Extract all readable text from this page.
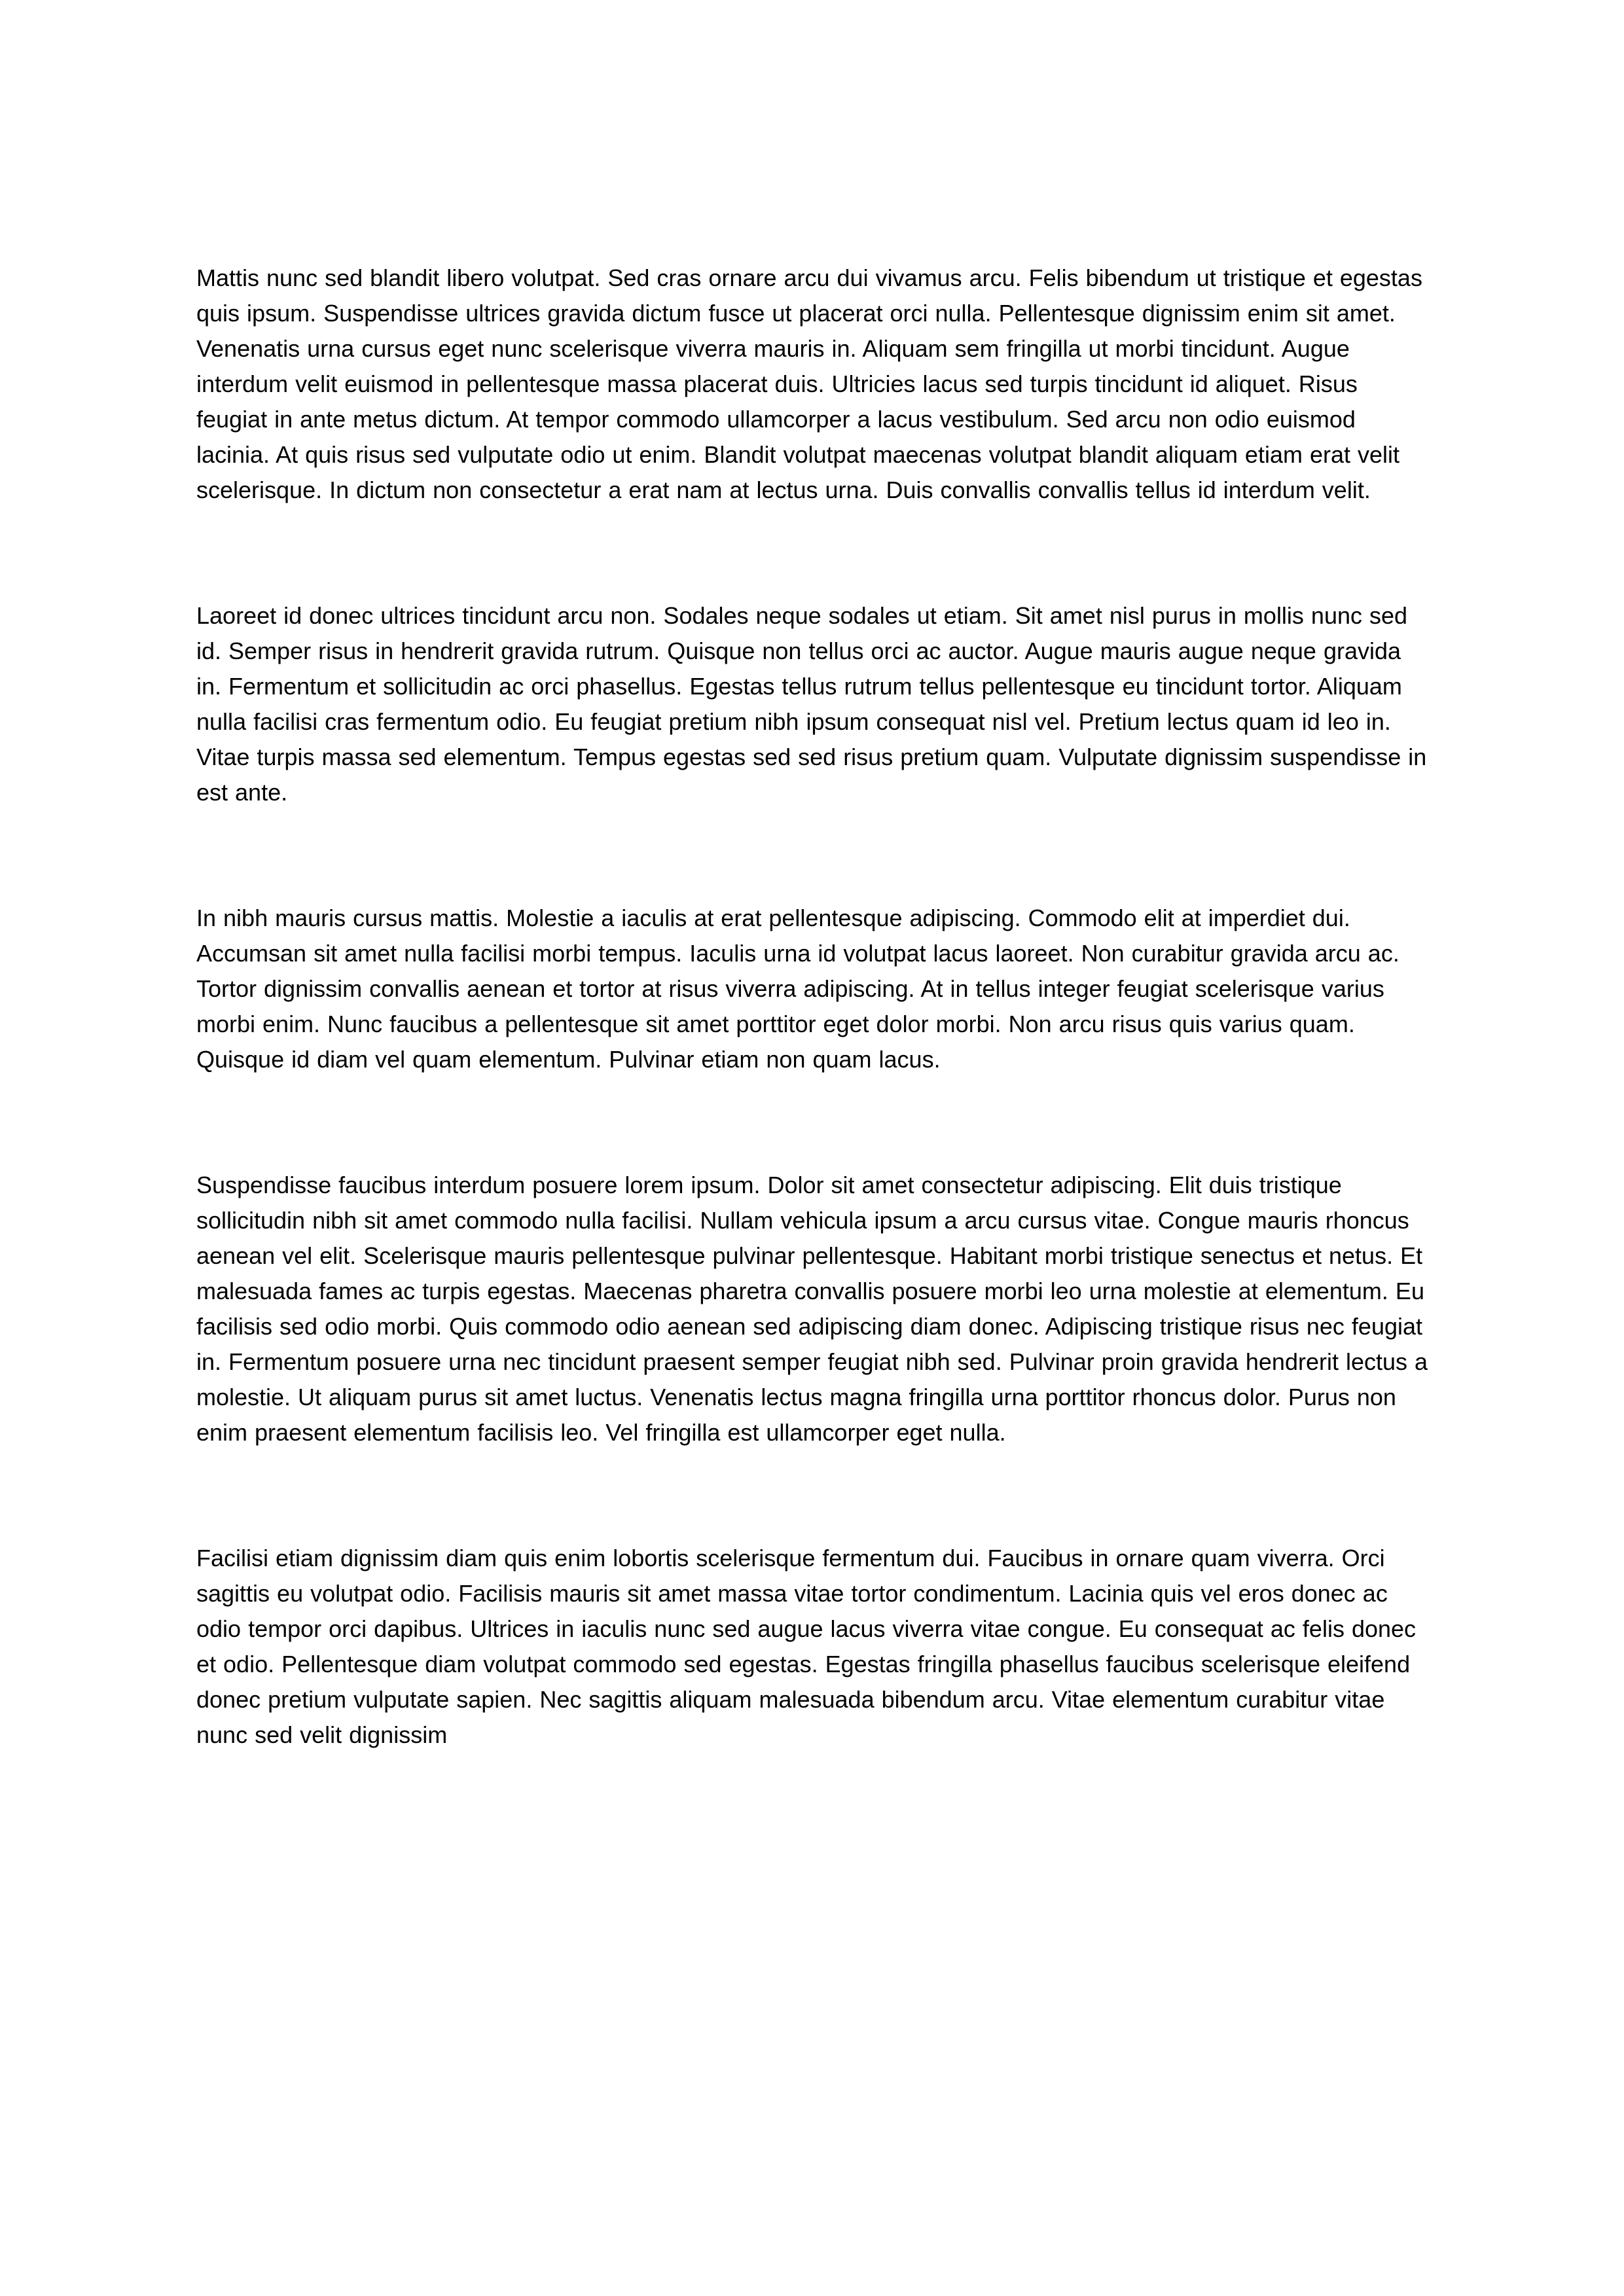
Mattis nunc sed blandit libero volutpat. Sed cras ornare arcu dui vivamus arcu. Felis bibendum ut tristique et egestas quis ipsum. Suspendisse ultrices gravida dictum fusce ut placerat orci nulla. Pellentesque dignissim enim sit amet. Venenatis urna cursus eget nunc scelerisque viverra mauris in. Aliquam sem fringilla ut morbi tincidunt. Augue interdum velit euismod in pellentesque massa placerat duis. Ultricies lacus sed turpis tincidunt id aliquet. Risus feugiat in ante metus dictum. At tempor commodo ullamcorper a lacus vestibulum. Sed arcu non odio euismod lacinia. At quis risus sed vulputate odio ut enim. Blandit volutpat maecenas volutpat blandit aliquam etiam erat velit scelerisque. In dictum non consectetur a erat nam at lectus urna. Duis convallis convallis tellus id interdum velit.

Laoreet id donec ultrices tincidunt arcu non. Sodales neque sodales ut etiam. Sit amet nisl purus in mollis nunc sed id. Semper risus in hendrerit gravida rutrum. Quisque non tellus orci ac auctor. Augue mauris augue neque gravida in. Fermentum et sollicitudin ac orci phasellus. Egestas tellus rutrum tellus pellentesque eu tincidunt tortor. Aliquam nulla facilisi cras fermentum odio. Eu feugiat pretium nibh ipsum consequat nisl vel. Pretium lectus quam id leo in. Vitae turpis massa sed elementum. Tempus egestas sed sed risus pretium quam. Vulputate dignissim suspendisse in est ante.

In nibh mauris cursus mattis. Molestie a iaculis at erat pellentesque adipiscing. Commodo elit at imperdiet dui. Accumsan sit amet nulla facilisi morbi tempus. Iaculis urna id volutpat lacus laoreet. Non curabitur gravida arcu ac. Tortor dignissim convallis aenean et tortor at risus viverra adipiscing. At in tellus integer feugiat scelerisque varius morbi enim. Nunc faucibus a pellentesque sit amet porttitor eget dolor morbi. Non arcu risus quis varius quam. Quisque id diam vel quam elementum. Pulvinar etiam non quam lacus.

Suspendisse faucibus interdum posuere lorem ipsum. Dolor sit amet consectetur adipiscing. Elit duis tristique sollicitudin nibh sit amet commodo nulla facilisi. Nullam vehicula ipsum a arcu cursus vitae. Congue mauris rhoncus aenean vel elit. Scelerisque mauris pellentesque pulvinar pellentesque. Habitant morbi tristique senectus et netus. Et malesuada fames ac turpis egestas. Maecenas pharetra convallis posuere morbi leo urna molestie at elementum. Eu facilisis sed odio morbi. Quis commodo odio aenean sed adipiscing diam donec. Adipiscing tristique risus nec feugiat in. Fermentum posuere urna nec tincidunt praesent semper feugiat nibh sed. Pulvinar proin gravida hendrerit lectus a molestie. Ut aliquam purus sit amet luctus. Venenatis lectus magna fringilla urna porttitor rhoncus dolor. Purus non enim praesent elementum facilisis leo. Vel fringilla est ullamcorper eget nulla.

Facilisi etiam dignissim diam quis enim lobortis scelerisque fermentum dui. Faucibus in ornare quam viverra. Orci sagittis eu volutpat odio. Facilisis mauris sit amet massa vitae tortor condimentum. Lacinia quis vel eros donec ac odio tempor orci dapibus. Ultrices in iaculis nunc sed augue lacus viverra vitae congue. Eu consequat ac felis donec et odio. Pellentesque diam volutpat commodo sed egestas. Egestas fringilla phasellus faucibus scelerisque eleifend donec pretium vulputate sapien. Nec sagittis aliquam malesuada bibendum arcu. Vitae elementum curabitur vitae nunc sed velit dignissim
